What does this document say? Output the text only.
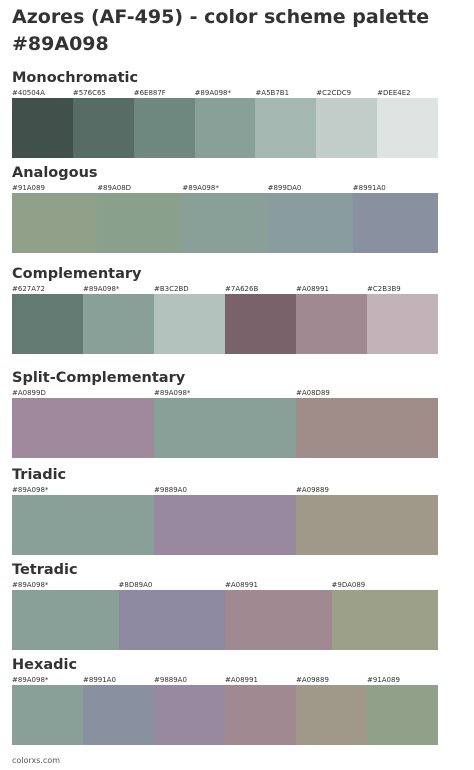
Azores (AF-495) - color scheme palette
#89A098
Monochromatic
#40504A	#576C65	#6E887F	#89A098*	#A5B7B1	#C2CDC9	#DEE4E2
Analogous
#91A089	#89A08D	#89A098*	#899DA0	#8991A0
Complementary
#627A72	#89A098*	#B3C2BD	#7A626B	#A08991	#C2B3B9
Split-Complementary
#A0899D	#89A098*	#A08D89
Triadic
#89A098*	#9889A0	#A09889
Tetradic
#89A098*	#8D89A0	#A08991	#9DA089
Hexadic
#89A098*	#8991A0	#9889A0	#A08991	#A09889	#91A089
colorxs.com
